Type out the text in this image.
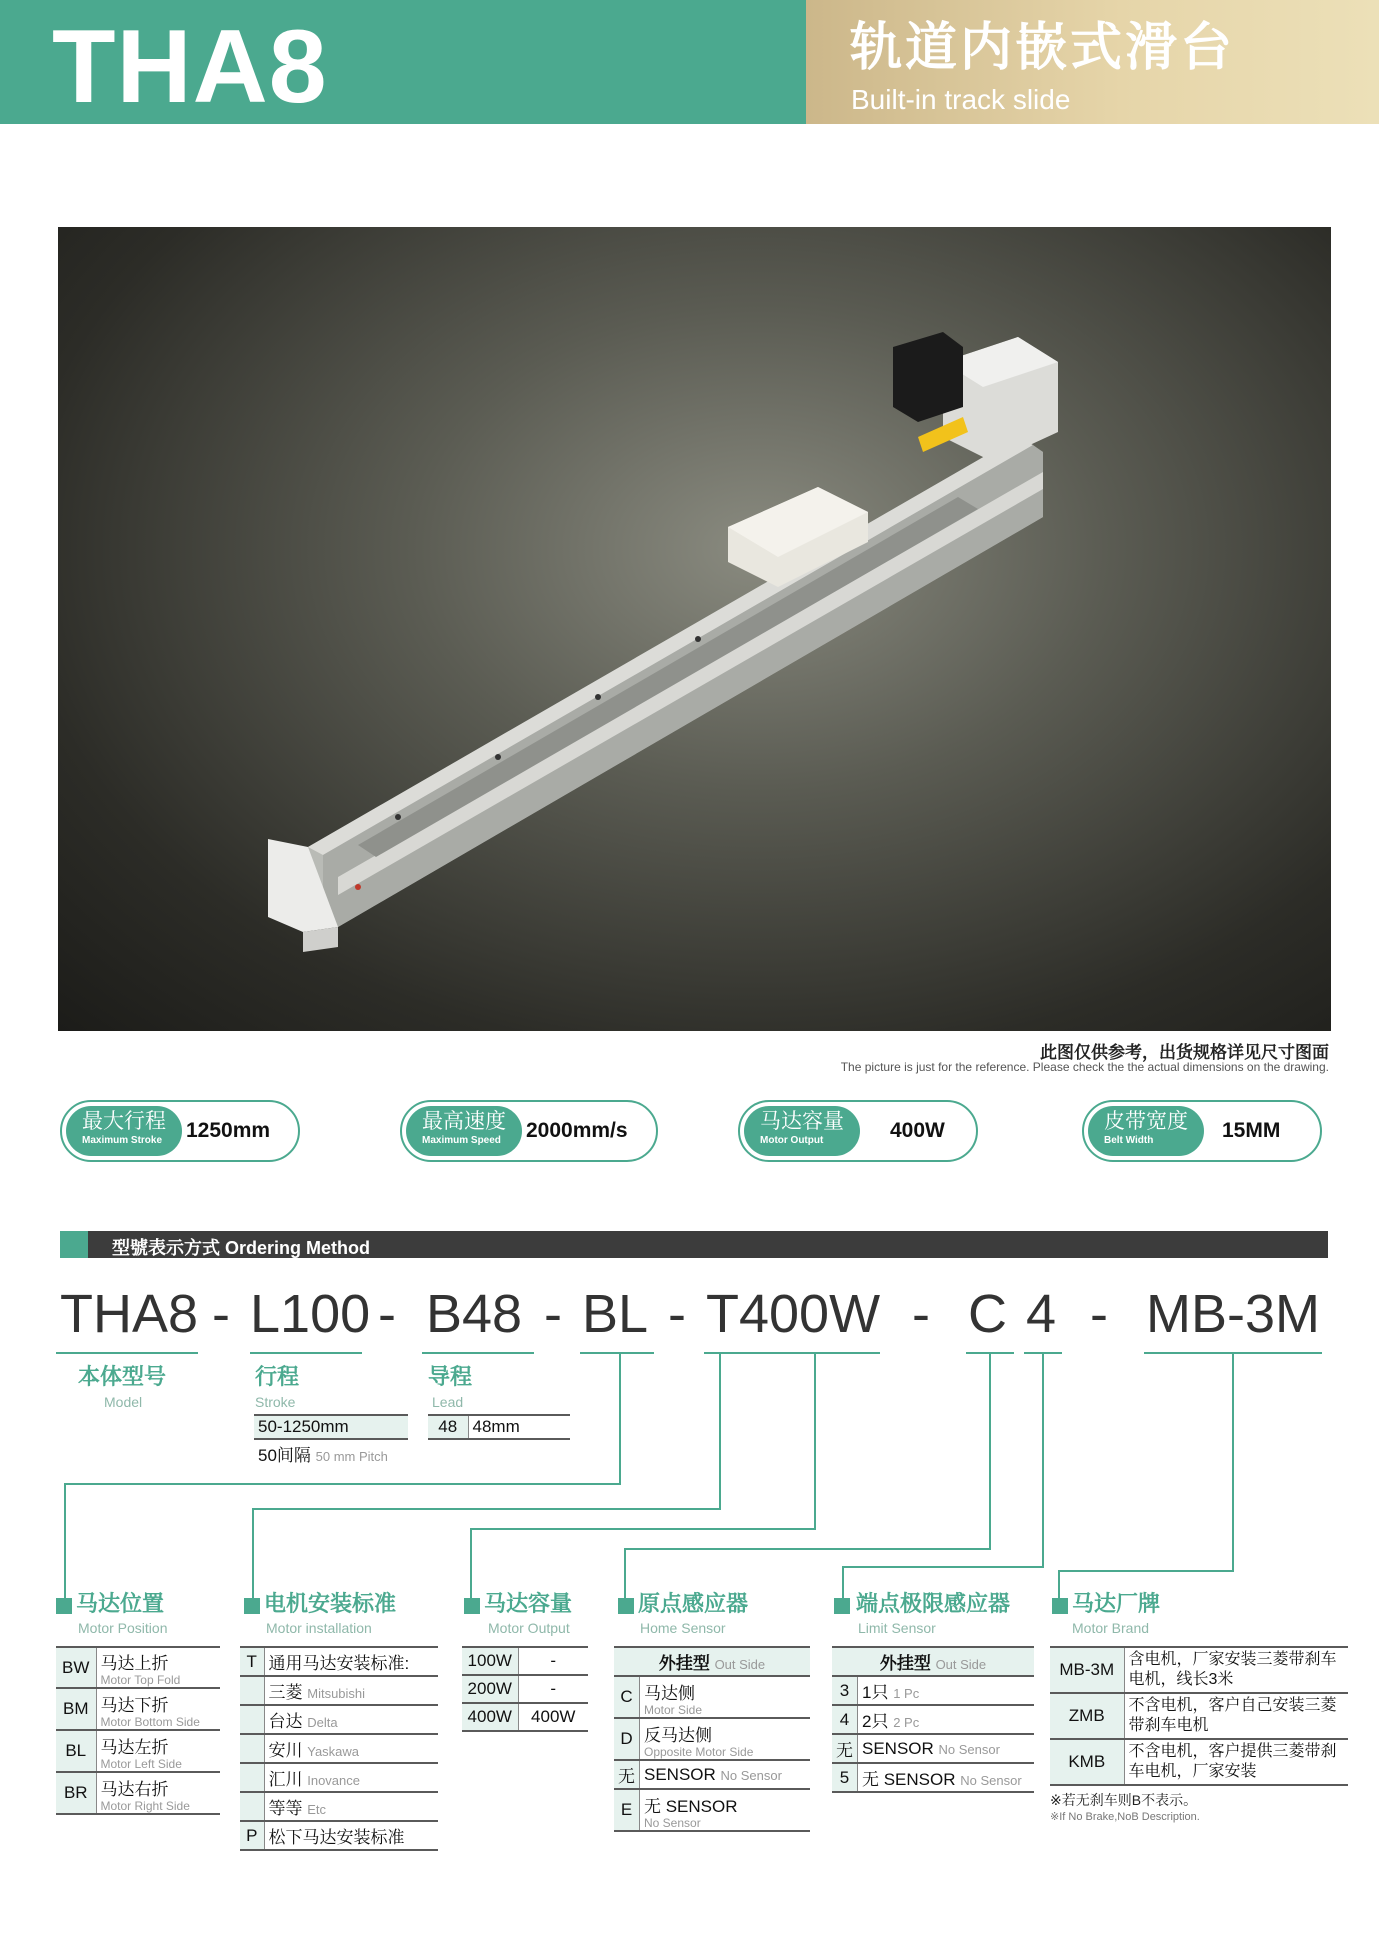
THA8	轨道内嵌式滑台
Built-in track slide
此图仅供参考，出货规格详见尺寸图面
The picture is just for the reference. Please check the the actual dimensions on the drawing.
最大行程
Maximum Stroke 1250mm	最高速度
Maximum Speed 2000mm/s	马达容量
Motor Output	400W	皮带宽度
Belt Width	15MM
型號表示方式 Ordering Method
THA8 - L100 - B48 - BL - T400W - C 4 - MB-3M
本体型号
Model
行程
Stroke
50-1250mm
50间隔 50 mm Pitch
导程
Lead
48	48mm
马达位置
Motor Position
BW	马达上折
Motor Top Fold

BM	马达下折
Motor Bottom Side

BL	马达左折
Motor Left Side

BR	马达右折
Motor Right Side
电机安装标准
Motor installation
T	通用马达安装标准:
	三菱 Mitsubishi
	台达 Delta
	安川 Yaskawa
	汇川 Inovance
	等等 Etc
P	松下马达安装标准
马达容量
Motor Output
100W	-
200W	-
400W	400W
原点感应器
Home Sensor
外挂型 Out Side	
C	马达侧
Motor Side

D	反马达侧
Opposite Motor Side

无	SENSOR No Sensor
E	无 SENSOR
No Sensor
端点极限感应器
Limit Sensor
外挂型 Out Side	
3	1只 1 Pc
4	2只 2 Pc
无	SENSOR No Sensor
5	无 SENSOR No Sensor
马达厂牌
Motor Brand
MB-3M	含电机，厂家安装三菱带刹车电机，线长3米
ZMB	不含电机，客户自己安装三菱带刹车电机
KMB	不含电机，客户提供三菱带刹车电机，厂家安装
※若无刹车则B不表示。
※If No Brake,NoB Description.
